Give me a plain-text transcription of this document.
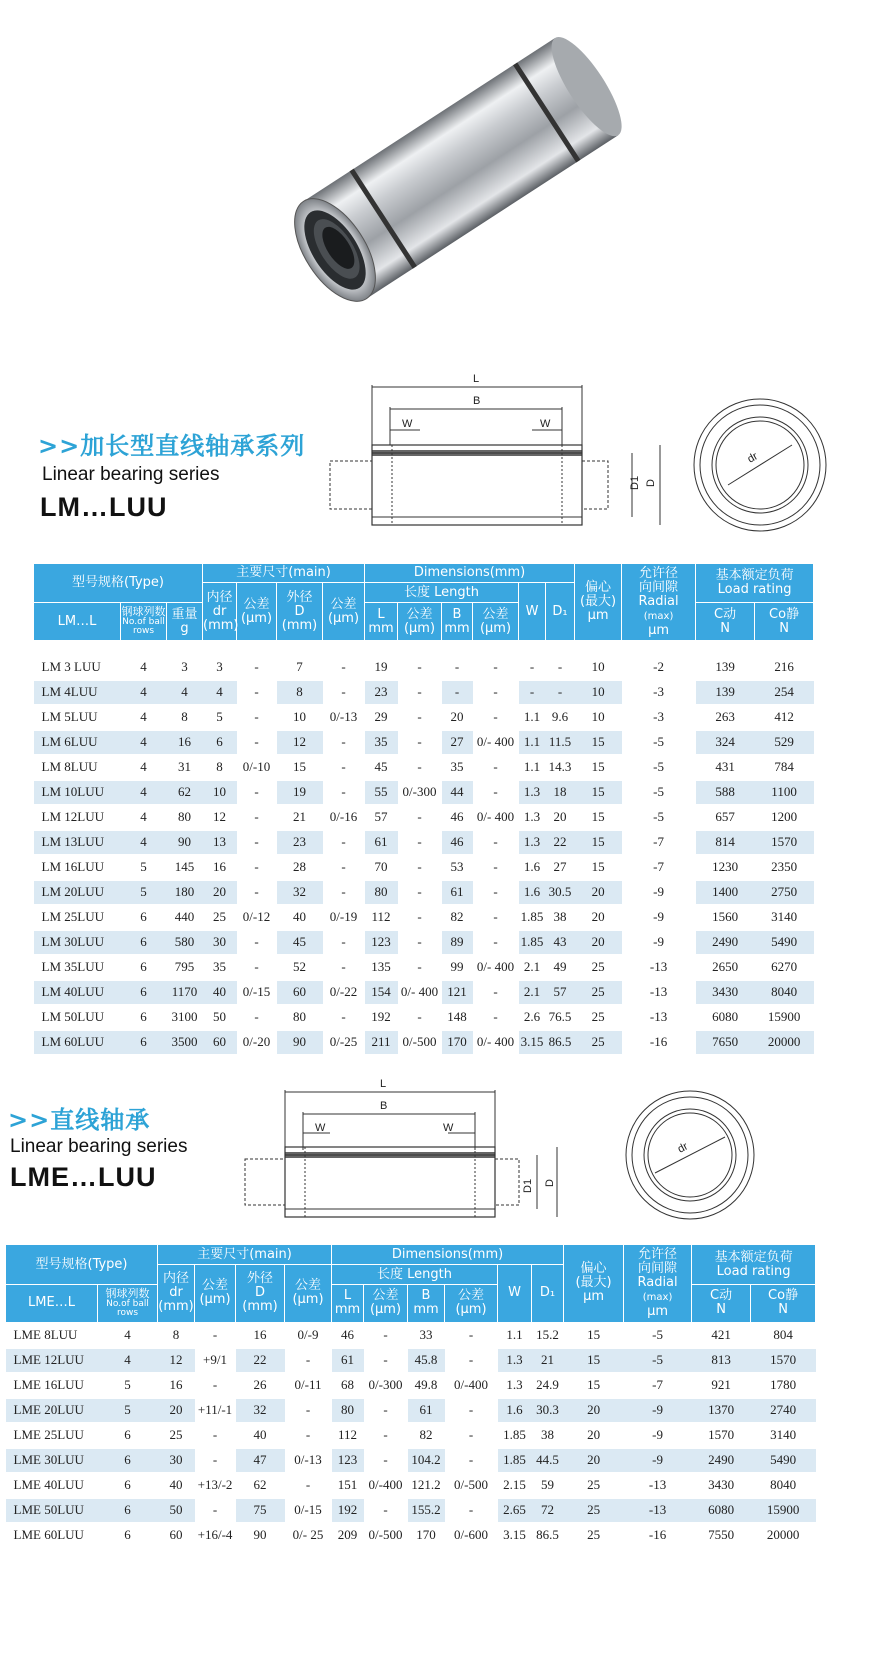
>>加长型直线轴承系列
Linear bearing series
LM…LUU
L
B
W	W
D1 D
dr
型号规格(Type)			主要尺寸(main)				Dimensions(mm)						偏心
(最大)
μm	允许径
向间隙
Radial
(max)
μm	基本额定负荷
Load rating	
			内径
dr
(mm)	公差
(μm)	外径
D
(mm)	公差
(μm)	长度 Length				W	D₁				
LM…L	钢球列数
No.of ball rows	重量
g					L
mm	公差
(μm)	B
mm	公差
(μm)					C动
N	Co静
N

LM 3 LUU	4	3	3	-	7	-	19	-	-	-	-	-	10	-2	139	216
LM 4LUU	4	4	4	-	8	-	23	-	-	-	-	-	10	-3	139	254
LM 5LUU	4	8	5	-	10	0/-13	29	-	20	-	1.1	9.6	10	-3	263	412
LM 6LUU	4	16	6	-	12	-	35	-	27	0/- 400	1.1	11.5	15	-5	324	529
LM 8LUU	4	31	8	0/-10	15	-	45	-	35	-	1.1	14.3	15	-5	431	784
LM 10LUU	4	62	10	-	19	-	55	0/-300	44	-	1.3	18	15	-5	588	1100
LM 12LUU	4	80	12	-	21	0/-16	57	-	46	0/- 400	1.3	20	15	-5	657	1200
LM 13LUU	4	90	13	-	23	-	61	-	46	-	1.3	22	15	-7	814	1570
LM 16LUU	5	145	16	-	28	-	70	-	53	-	1.6	27	15	-7	1230	2350
LM 20LUU	5	180	20	-	32	-	80	-	61	-	1.6	30.5	20	-9	1400	2750
LM 25LUU	6	440	25	0/-12	40	0/-19	112	-	82	-	1.85	38	20	-9	1560	3140
LM 30LUU	6	580	30	-	45	-	123	-	89	-	1.85	43	20	-9	2490	5490
LM 35LUU	6	795	35	-	52	-	135	-	99	0/- 400	2.1	49	25	-13	2650	6270
LM 40LUU	6	1170	40	0/-15	60	0/-22	154	0/- 400	121	-	2.1	57	25	-13	3430	8040
LM 50LUU	6	3100	50	-	80	-	192	-	148	-	2.6	76.5	25	-13	6080	15900
LM 60LUU	6	3500	60	0/-20	90	0/-25	211	0/-500	170	0/- 400	3.15	86.5	25	-16	7650	20000
>>直线轴承
Linear bearing series
LME…LUU
L
B
W	W
D1 D
dr
型号规格(Type)		主要尺寸(main)				Dimensions(mm)						偏心
(最大)
μm	允许径
向间隙
Radial
(max)
μm	基本额定负荷
Load rating	
		内径
dr
(mm)	公差
(μm)	外径
D
(mm)	公差
(μm)	长度 Length				W	D₁				
LME…L	钢球列数
No.of ball rows					L
mm	公差
(μm)	B
mm	公差
(μm)					C动
N	Co静
N
LME 8LUU	4	8	-	16	0/-9	46	-	33	-	1.1	15.2	15	-5	421	804
LME 12LUU	4	12	+9/1	22	-	61	-	45.8	-	1.3	21	15	-5	813	1570
LME 16LUU	5	16	-	26	0/-11	68	0/-300	49.8	0/-400	1.3	24.9	15	-7	921	1780
LME 20LUU	5	20	+11/-1	32	-	80	-	61	-	1.6	30.3	20	-9	1370	2740
LME 25LUU	6	25	-	40	-	112	-	82	-	1.85	38	20	-9	1570	3140
LME 30LUU	6	30	-	47	0/-13	123	-	104.2	-	1.85	44.5	20	-9	2490	5490
LME 40LUU	6	40	+13/-2	62	-	151	0/-400	121.2	0/-500	2.15	59	25	-13	3430	8040
LME 50LUU	6	50	-	75	0/-15	192	-	155.2	-	2.65	72	25	-13	6080	15900
LME 60LUU	6	60	+16/-4	90	0/- 25	209	0/-500	170	0/-600	3.15	86.5	25	-16	7550	20000
